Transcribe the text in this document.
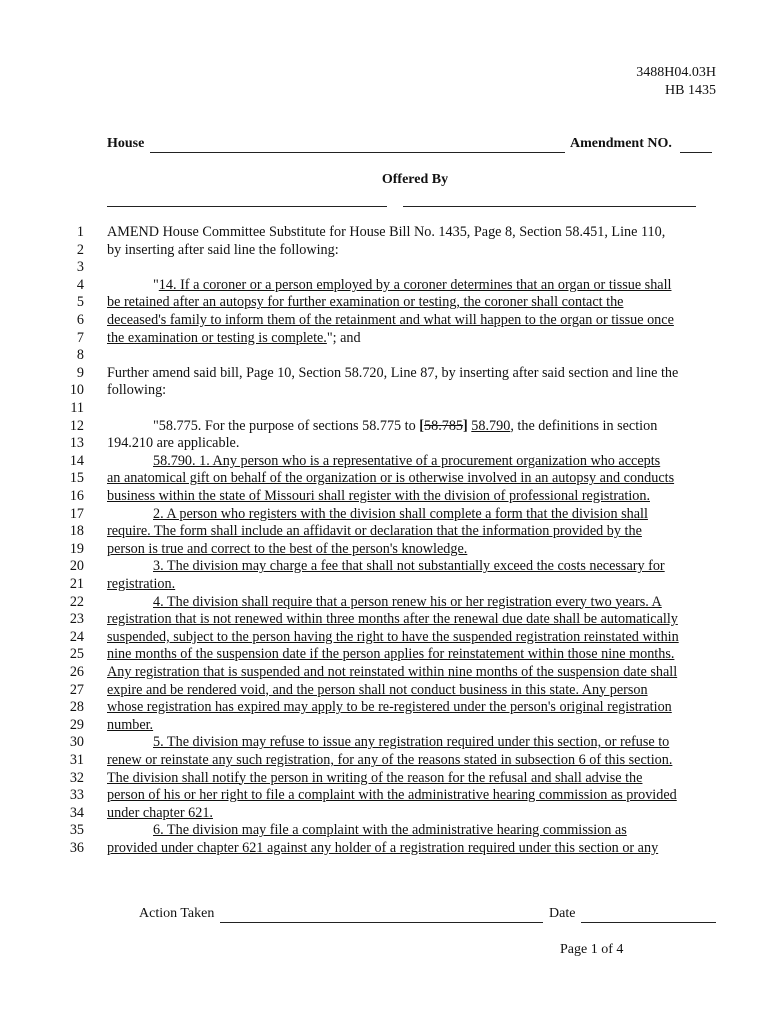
3488H04.03H
HB 1435
House	Amendment NO.
Offered By
1 AMEND House Committee Substitute for House Bill No. 1435, Page 8, Section 58.451, Line 110,
2 by inserting after said line the following:
3
4	"14. If a coroner or a person employed by a coroner determines that an organ or tissue shall
5 be retained after an autopsy for further examination or testing, the coroner shall contact the
6 deceased's family to inform them of the retainment and what will happen to the organ or tissue once
7 the examination or testing is complete."; and
8
9 Further amend said bill, Page 10, Section 58.720, Line 87, by inserting after said section and line the
10 following:
11
12	"58.775. For the purpose of sections 58.775 to [58.785] 58.790, the definitions in section
13 194.210 are applicable.
14	58.790. 1. Any person who is a representative of a procurement organization who accepts
15 an anatomical gift on behalf of the organization or is otherwise involved in an autopsy and conducts
16 business within the state of Missouri shall register with the division of professional registration.
17	2. A person who registers with the division shall complete a form that the division shall
18 require. The form shall include an affidavit or declaration that the information provided by the
19 person is true and correct to the best of the person's knowledge.
20	3. The division may charge a fee that shall not substantially exceed the costs necessary for
21 registration.
22	4. The division shall require that a person renew his or her registration every two years. A
23 registration that is not renewed within three months after the renewal due date shall be automatically
24 suspended, subject to the person having the right to have the suspended registration reinstated within
25 nine months of the suspension date if the person applies for reinstatement within those nine months.
26 Any registration that is suspended and not reinstated within nine months of the suspension date shall
27 expire and be rendered void, and the person shall not conduct business in this state. Any person
28 whose registration has expired may apply to be re-registered under the person's original registration
29 number.
30	5. The division may refuse to issue any registration required under this section, or refuse to
31 renew or reinstate any such registration, for any of the reasons stated in subsection 6 of this section.
32 The division shall notify the person in writing of the reason for the refusal and shall advise the
33 person of his or her right to file a complaint with the administrative hearing commission as provided
34 under chapter 621.
35	6. The division may file a complaint with the administrative hearing commission as
36 provided under chapter 621 against any holder of a registration required under this section or any
Action Taken	Date
Page 1 of 4
